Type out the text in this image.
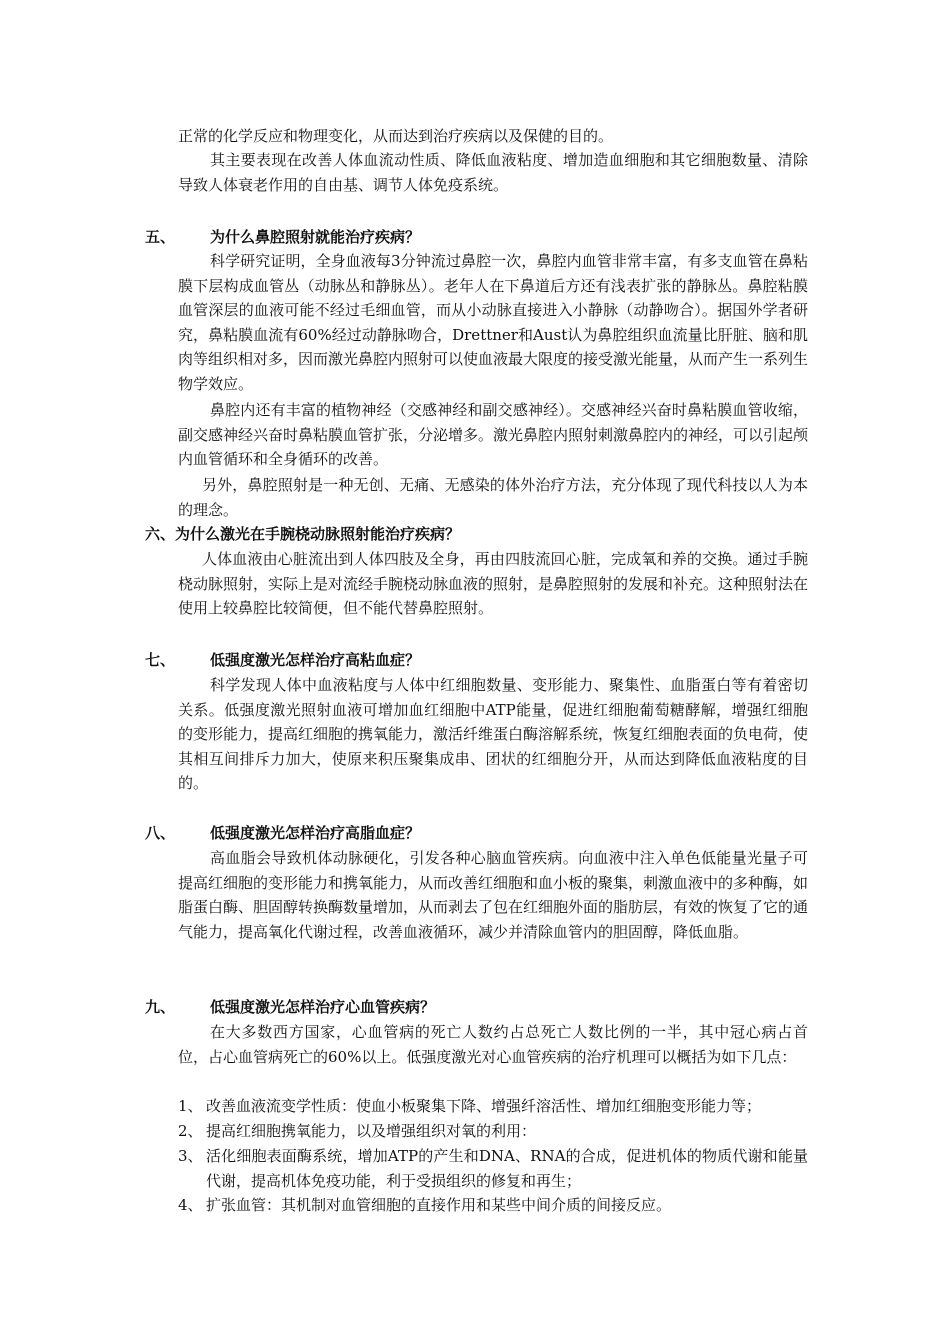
正常的化学反应和物理变化，从而达到治疗疾病以及保健的目的。

其主要表现在改善人体血流动性质、降低血液粘度、增加造血细胞和其它细胞数量、清除导致人体衰老作用的自由基、调节人体免疫系统。

五、 为什么鼻腔照射就能治疗疾病？

科学研究证明，全身血液每3分钟流过鼻腔一次，鼻腔内血管非常丰富，有多支血管在鼻粘膜下层构成血管丛（动脉丛和静脉丛）。老年人在下鼻道后方还有浅表扩张的静脉丛。鼻腔粘膜血管深层的血液可能不经过毛细血管，而从小动脉直接进入小静脉（动静吻合）。据国外学者研究，鼻粘膜血流有60%经过动静脉吻合，Drettner和Aust认为鼻腔组织血流量比肝脏、脑和肌肉等组织相对多，因而激光鼻腔内照射可以使血液最大限度的接受激光能量，从而产生一系列生物学效应。

鼻腔内还有丰富的植物神经（交感神经和副交感神经）。交感神经兴奋时鼻粘膜血管收缩，副交感神经兴奋时鼻粘膜血管扩张，分泌增多。激光鼻腔内照射刺激鼻腔内的神经，可以引起颅内血管循环和全身循环的改善。

另外，鼻腔照射是一种无创、无痛、无感染的体外治疗方法，充分体现了现代科技以人为本的理念。

六、为什么激光在手腕桡动脉照射能治疗疾病？

人体血液由心脏流出到人体四肢及全身，再由四肢流回心脏，完成氧和养的交换。通过手腕桡动脉照射，实际上是对流经手腕桡动脉血液的照射，是鼻腔照射的发展和补充。这种照射法在使用上较鼻腔比较简便，但不能代替鼻腔照射。

七、 低强度激光怎样治疗高粘血症？

科学发现人体中血液粘度与人体中红细胞数量、变形能力、聚集性、血脂蛋白等有着密切关系。低强度激光照射血液可增加血红细胞中ATP能量，促进红细胞葡萄糖酵解，增强红细胞的变形能力，提高红细胞的携氧能力，激活纤维蛋白酶溶解系统，恢复红细胞表面的负电荷，使其相互间排斥力加大，使原来积压聚集成串、团状的红细胞分开，从而达到降低血液粘度的目的。

八、 低强度激光怎样治疗高脂血症？

高血脂会导致机体动脉硬化，引发各种心脑血管疾病。向血液中注入单色低能量光量子可提高红细胞的变形能力和携氧能力，从而改善红细胞和血小板的聚集，刺激血液中的多种酶，如脂蛋白酶、胆固醇转换酶数量增加，从而剥去了包在红细胞外面的脂肪层，有效的恢复了它的通气能力，提高氧化代谢过程，改善血液循环，减少并清除血管内的胆固醇，降低血脂。

九、 低强度激光怎样治疗心血管疾病？

在大多数西方国家，心血管病的死亡人数约占总死亡人数比例的一半，其中冠心病占首位，占心血管病死亡的60%以上。低强度激光对心血管疾病的治疗机理可以概括为如下几点：

1、 改善血液流变学性质：使血小板聚集下降、增强纤溶活性、增加红细胞变形能力等；
2、 提高红细胞携氧能力，以及增强组织对氧的利用：
3、 活化细胞表面酶系统，增加ATP的产生和DNA、RNA的合成，促进机体的物质代谢和能量代谢，提高机体免疫功能，利于受损组织的修复和再生；
4、 扩张血管：其机制对血管细胞的直接作用和某些中间介质的间接反应。
